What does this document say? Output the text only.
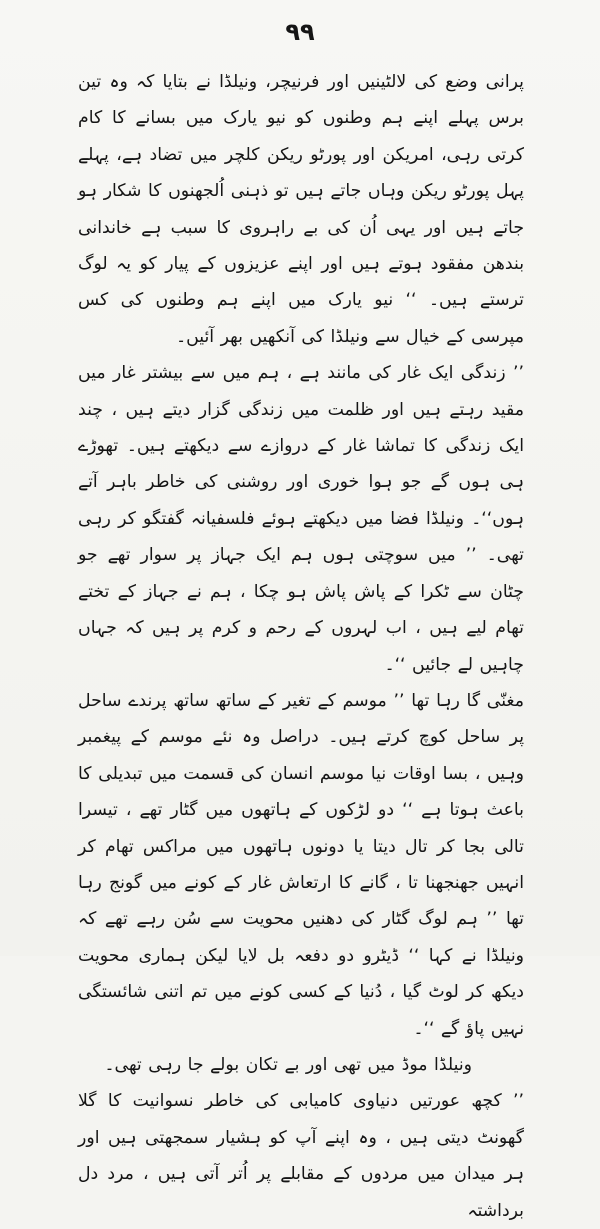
۹۹

پرانی وضع کی لالٹینیں اور فرنیچر، ونیلڈا نے بتایا کہ وہ تین برس پہلے اپنے ہم وطنوں کو نیو یارک میں بسانے کا کام کرتی رہی، امریکن اور پورٹو ریکن کلچر میں تضاد ہے، پہلے پہل پورٹو ریکن وہاں جاتے ہیں تو ذہنی اُلجھنوں کا شکار ہو جاتے ہیں اور یہی اُن کی بے راہروی کا سبب ہے خاندانی بندھن مفقود ہوتے ہیں اور اپنے عزیزوں کے پیار کو یہ لوگ ترستے ہیں۔ ‘‘ نیو یارک میں اپنے ہم وطنوں کی کس مپرسی کے خیال سے ونیلڈا کی آنکھیں بھر آئیں۔

’’ زندگی ایک غار کی مانند ہے ، ہم میں سے بیشتر غار میں مقید رہتے ہیں اور ظلمت میں زندگی گزار دیتے ہیں ، چند ایک زندگی کا تماشا غار کے دروازے سے دیکھتے ہیں۔ تھوڑے ہی ہوں گے جو ہوا خوری اور روشنی کی خاطر باہر آتے ہوں‘‘۔ ونیلڈا فضا میں دیکھتے ہوئے فلسفیانہ گفتگو کر رہی تھی۔ ’’ میں سوچتی ہوں ہم ایک جہاز پر سوار تھے جو چٹان سے ٹکرا کے پاش پاش ہو چکا ، ہم نے جہاز کے تختے تھام لیے ہیں ، اب لہروں کے رحم و کرم پر ہیں کہ جہاں چاہیں لے جائیں ‘‘۔

مغنّی گا رہا تھا ’’ موسم کے تغیر کے ساتھ ساتھ پرندے ساحل پر ساحل کوچ کرتے ہیں۔ دراصل وہ نئے موسم کے پیغمبر وہیں ، بسا اوقات نیا موسم انسان کی قسمت میں تبدیلی کا باعث ہوتا ہے ‘‘ دو لڑکوں کے ہاتھوں میں گٹار تھے ، تیسرا تالی بجا کر تال دیتا یا دونوں ہاتھوں میں مراکس تھام کر انہیں جھنجھنا تا ، گانے کا ارتعاش غار کے کونے میں گونج رہا تھا ’’ ہم لوگ گٹار کی دھنیں محویت سے سُن رہے تھے کہ ونیلڈا نے کہا ‘‘ ڈیٹرو دو دفعہ بل لایا لیکن ہماری محویت دیکھ کر لوٹ گیا ، دُنیا کے کسی کونے میں تم اتنی شائستگی نہیں پاؤ گے ‘‘۔

ونیلڈا موڈ میں تھی اور بے تکان بولے جا رہی تھی۔

’’ کچھ عورتیں دنیاوی کامیابی کی خاطر نسوانیت کا گلا گھونٹ دیتی ہیں ، وہ اپنے آپ کو ہشیار سمجھتی ہیں اور ہر میدان میں مردوں کے مقابلے پر اُتر آتی ہیں ، مرد دل برداشتہ
